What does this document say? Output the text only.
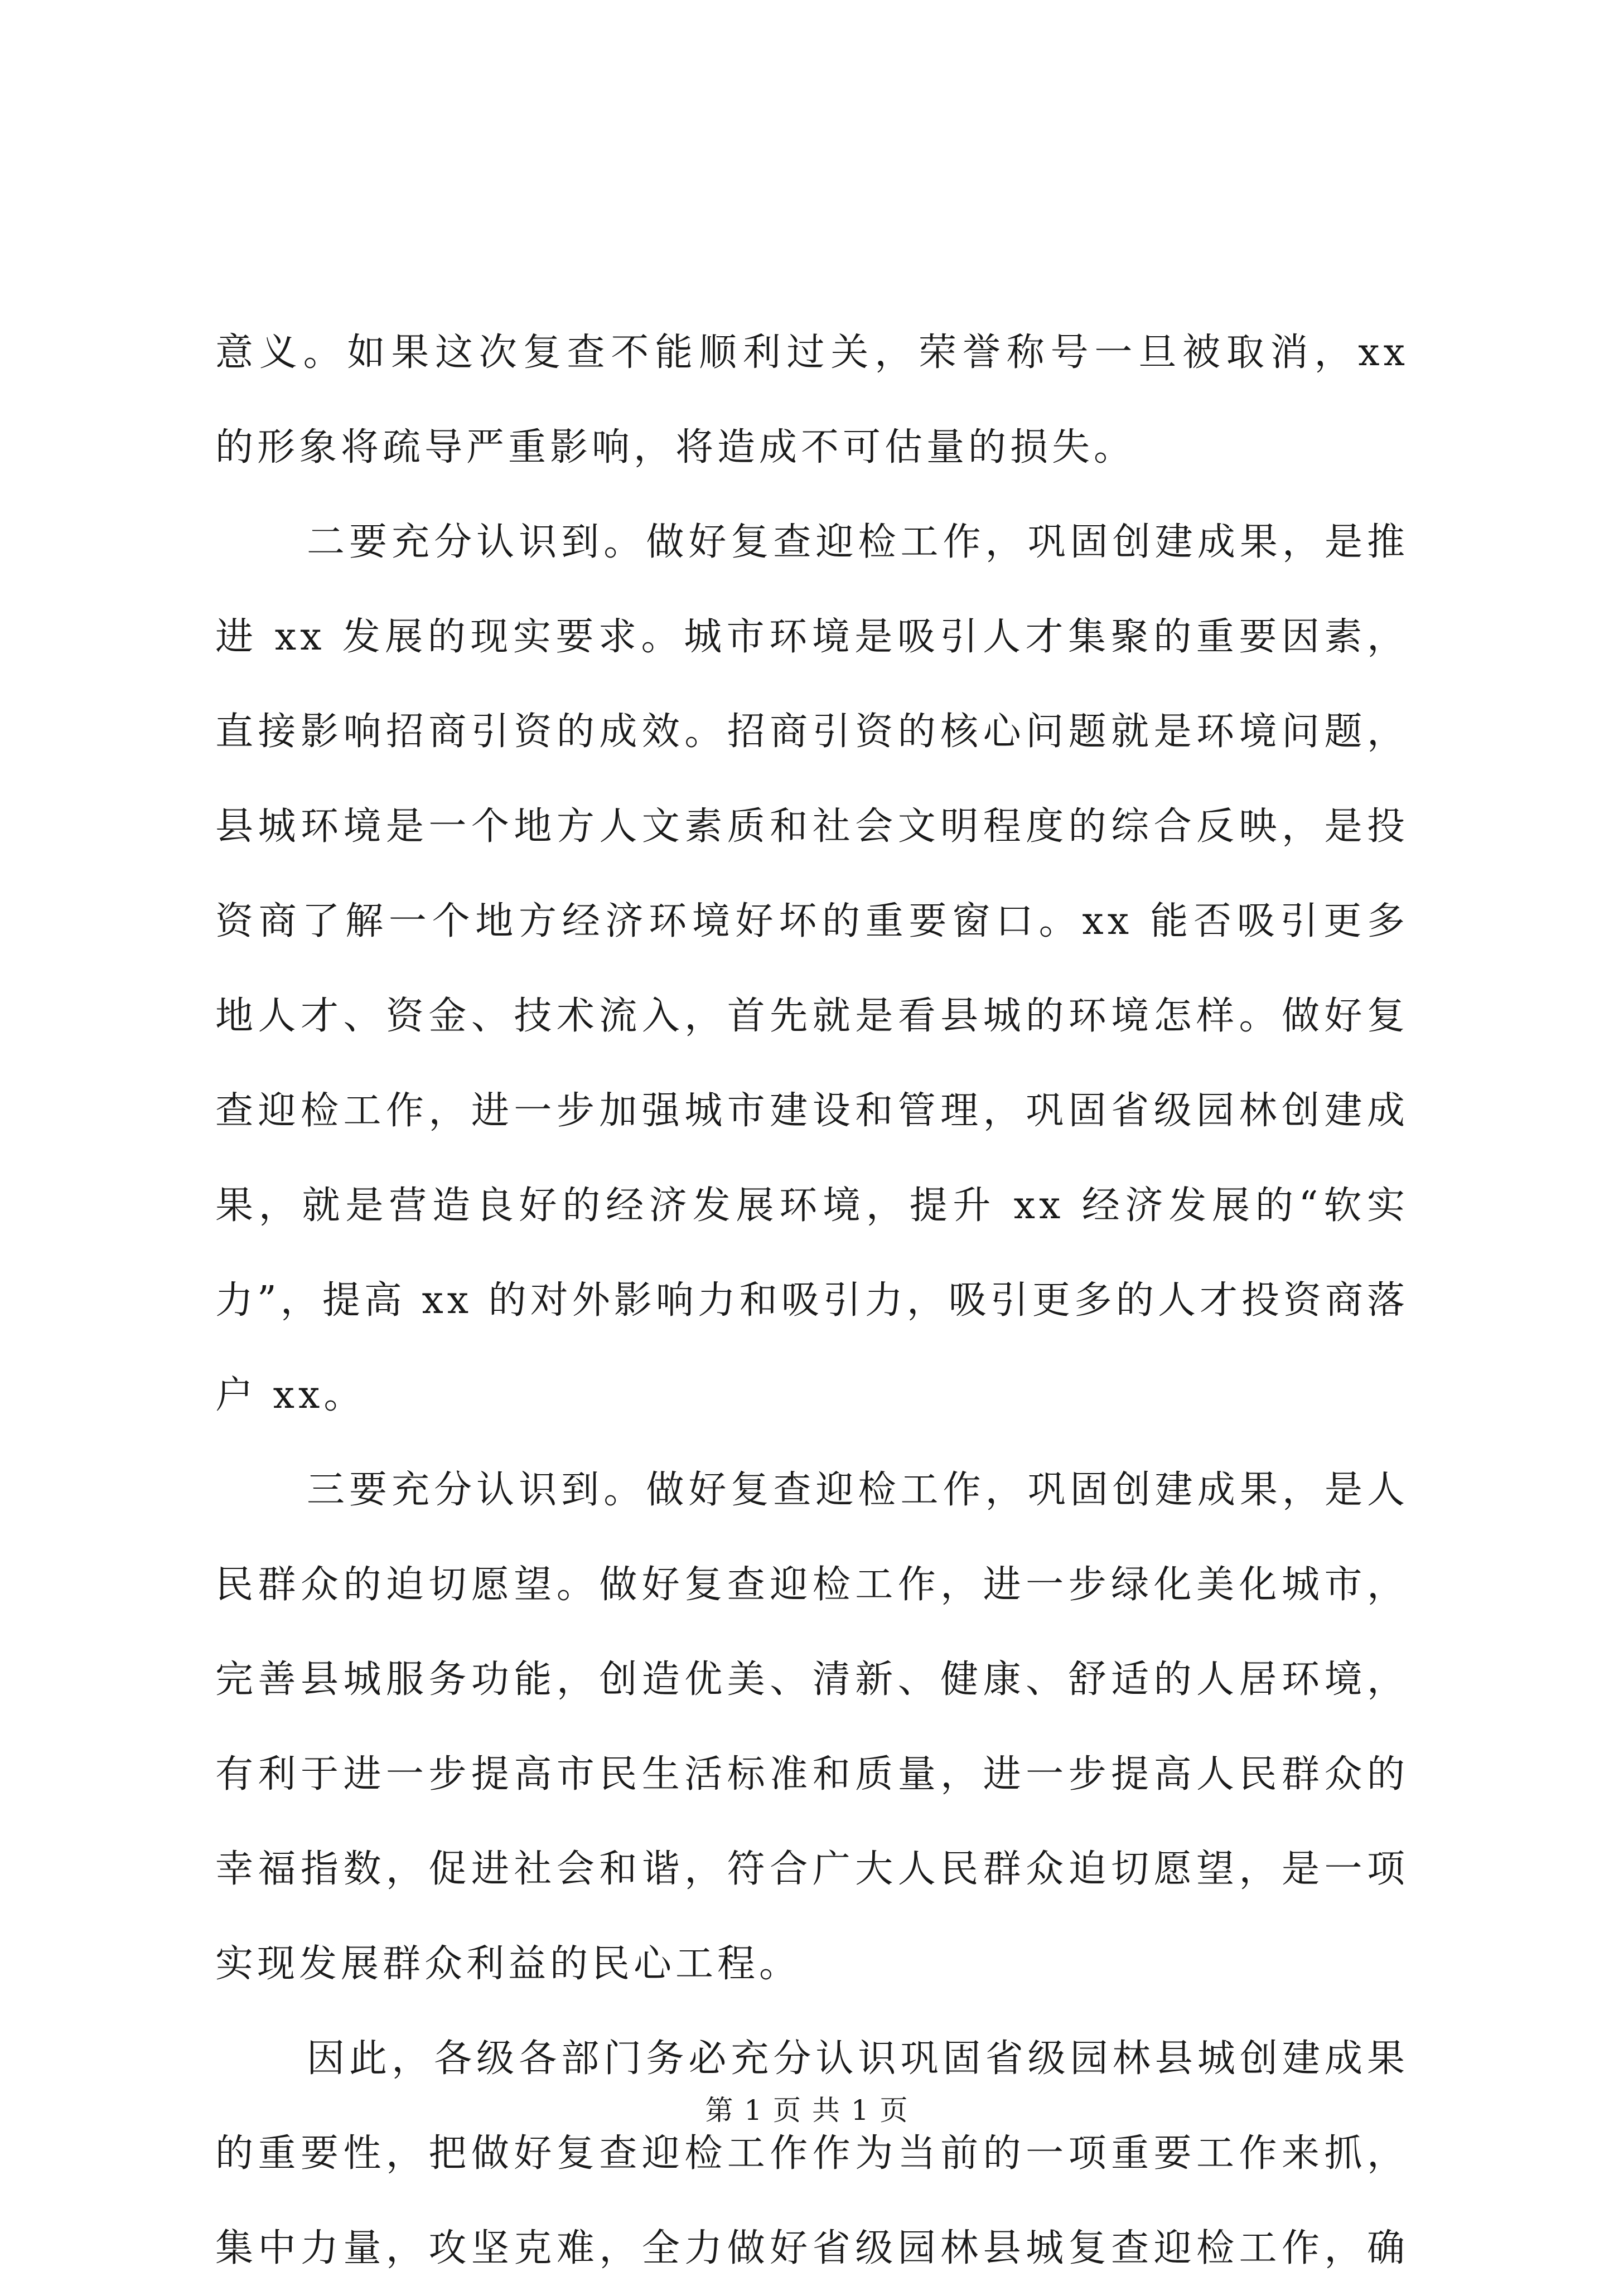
意义。如果这次复查不能顺利过关，荣誉称号一旦被取消，xx
的形象将疏导严重影响，将造成不可估量的损失。
二要充分认识到。做好复查迎检工作，巩固创建成果，是推
进 xx 发展的现实要求。城市环境是吸引人才集聚的重要因素，
直接影响招商引资的成效。招商引资的核心问题就是环境问题，
县城环境是一个地方人文素质和社会文明程度的综合反映，是投
资商了解一个地方经济环境好坏的重要窗口。xx 能否吸引更多
地人才、资金、技术流入，首先就是看县城的环境怎样。做好复
查迎检工作，进一步加强城市建设和管理，巩固省级园林创建成
果，就是营造良好的经济发展环境，提升 xx 经济发展的“软实
力”，提高 xx 的对外影响力和吸引力，吸引更多的人才投资商落
户 xx。
三要充分认识到。做好复查迎检工作，巩固创建成果，是人
民群众的迫切愿望。做好复查迎检工作，进一步绿化美化城市，
完善县城服务功能，创造优美、清新、健康、舒适的人居环境，
有利于进一步提高市民生活标准和质量，进一步提高人民群众的
幸福指数，促进社会和谐，符合广大人民群众迫切愿望，是一项
实现发展群众利益的民心工程。
因此，各级各部门务必充分认识巩固省级园林县城创建成果
的重要性，把做好复查迎检工作作为当前的一项重要工作来抓，
集中力量，攻坚克难，全力做好省级园林县城复查迎检工作，确
第 1 页 共 1 页
